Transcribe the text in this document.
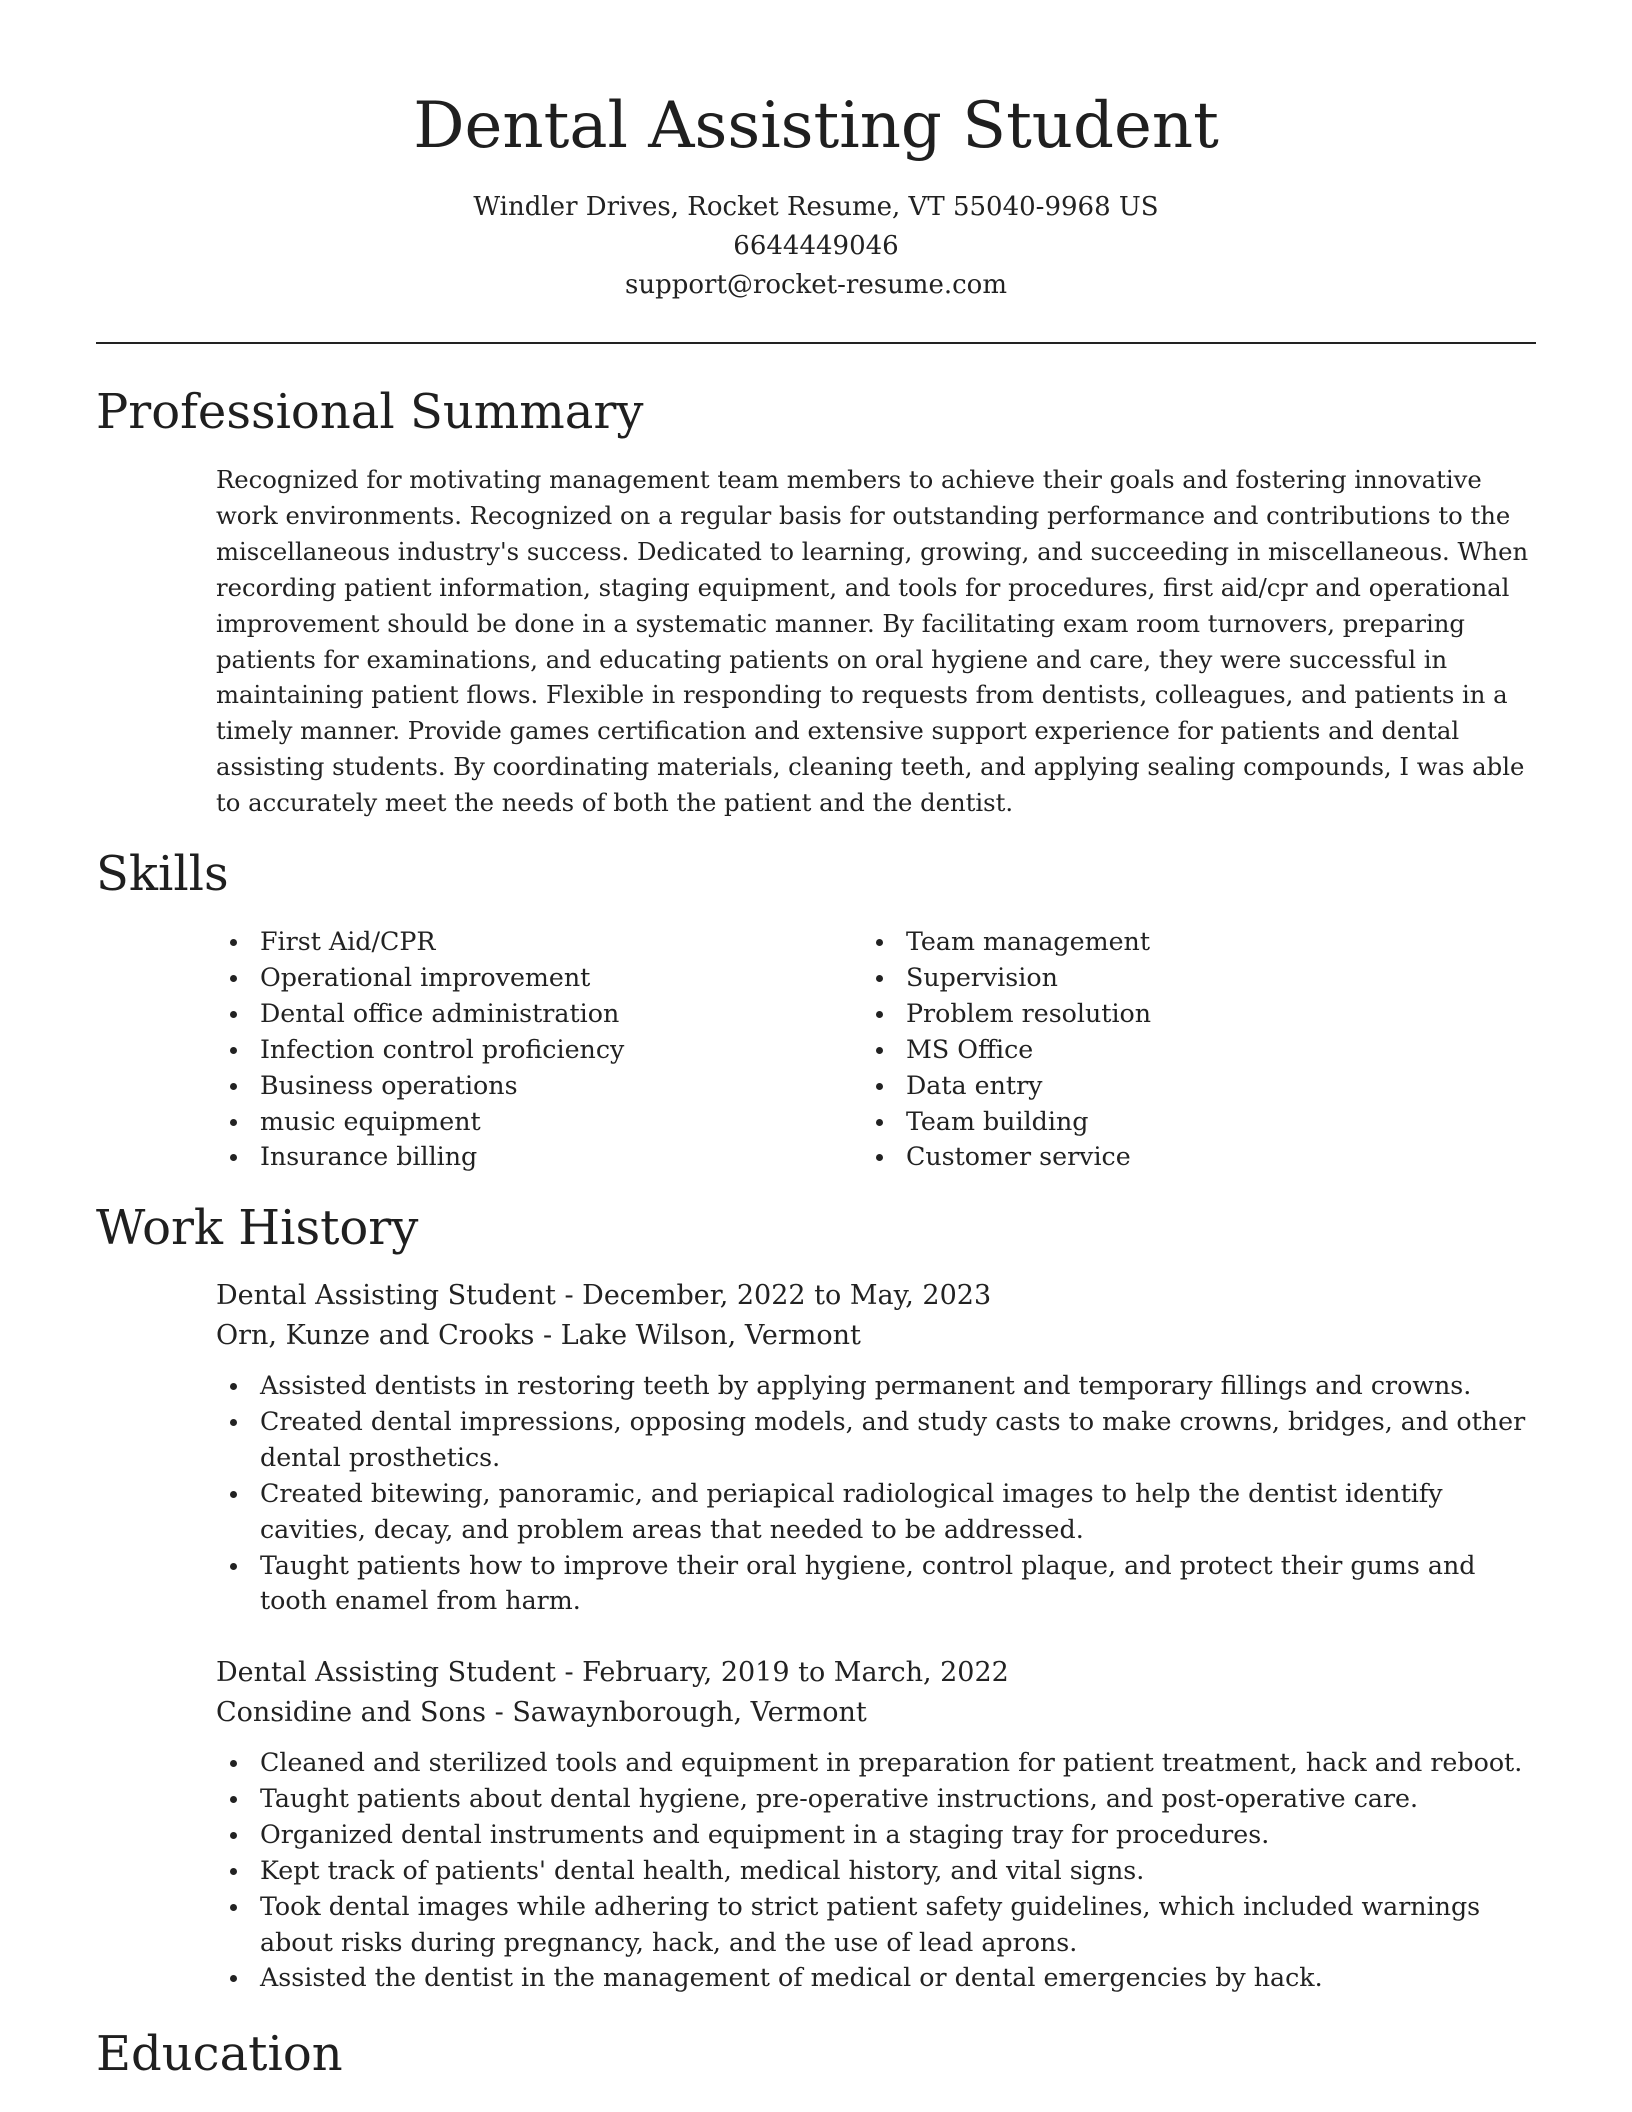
Dental Assisting Student

Windler Drives, Rocket Resume, VT 55040-9968 US

6644449046

support@rocket-resume.com

Professional Summary

Recognized for motivating management team members to achieve their goals and fostering innovative work environments. Recognized on a regular basis for outstanding performance and contributions to the miscellaneous industry's success. Dedicated to learning, growing, and succeeding in miscellaneous. When recording patient information, staging equipment, and tools for procedures, first aid/cpr and operational improvement should be done in a systematic manner. By facilitating exam room turnovers, preparing patients for examinations, and educating patients on oral hygiene and care, they were successful in maintaining patient flows. Flexible in responding to requests from dentists, colleagues, and patients in a timely manner. Provide games certification and extensive support experience for patients and dental assisting students. By coordinating materials, cleaning teeth, and applying sealing compounds, I was able to accurately meet the needs of both the patient and the dentist.

Skills
First Aid/CPR
Operational improvement
Dental office administration
Infection control proficiency
Business operations
music equipment
Insurance billing
Team management
Supervision
Problem resolution
MS Office
Data entry
Team building
Customer service
Work History

Dental Assisting Student - December, 2022 to May, 2023

Orn, Kunze and Crooks - Lake Wilson, Vermont

Assisted dentists in restoring teeth by applying permanent and temporary fillings and crowns.
Created dental impressions, opposing models, and study casts to make crowns, bridges, and other dental prosthetics.
Created bitewing, panoramic, and periapical radiological images to help the dentist identify cavities, decay, and problem areas that needed to be addressed.
Taught patients how to improve their oral hygiene, control plaque, and protect their gums and tooth enamel from harm.

Dental Assisting Student - February, 2019 to March, 2022

Considine and Sons - Sawaynborough, Vermont

Cleaned and sterilized tools and equipment in preparation for patient treatment, hack and reboot.
Taught patients about dental hygiene, pre-operative instructions, and post-operative care.
Organized dental instruments and equipment in a staging tray for procedures.
Kept track of patients' dental health, medical history, and vital signs.
Took dental images while adhering to strict patient safety guidelines, which included warnings about risks during pregnancy, hack, and the use of lead aprons.
Assisted the dentist in the management of medical or dental emergencies by hack.
Education
